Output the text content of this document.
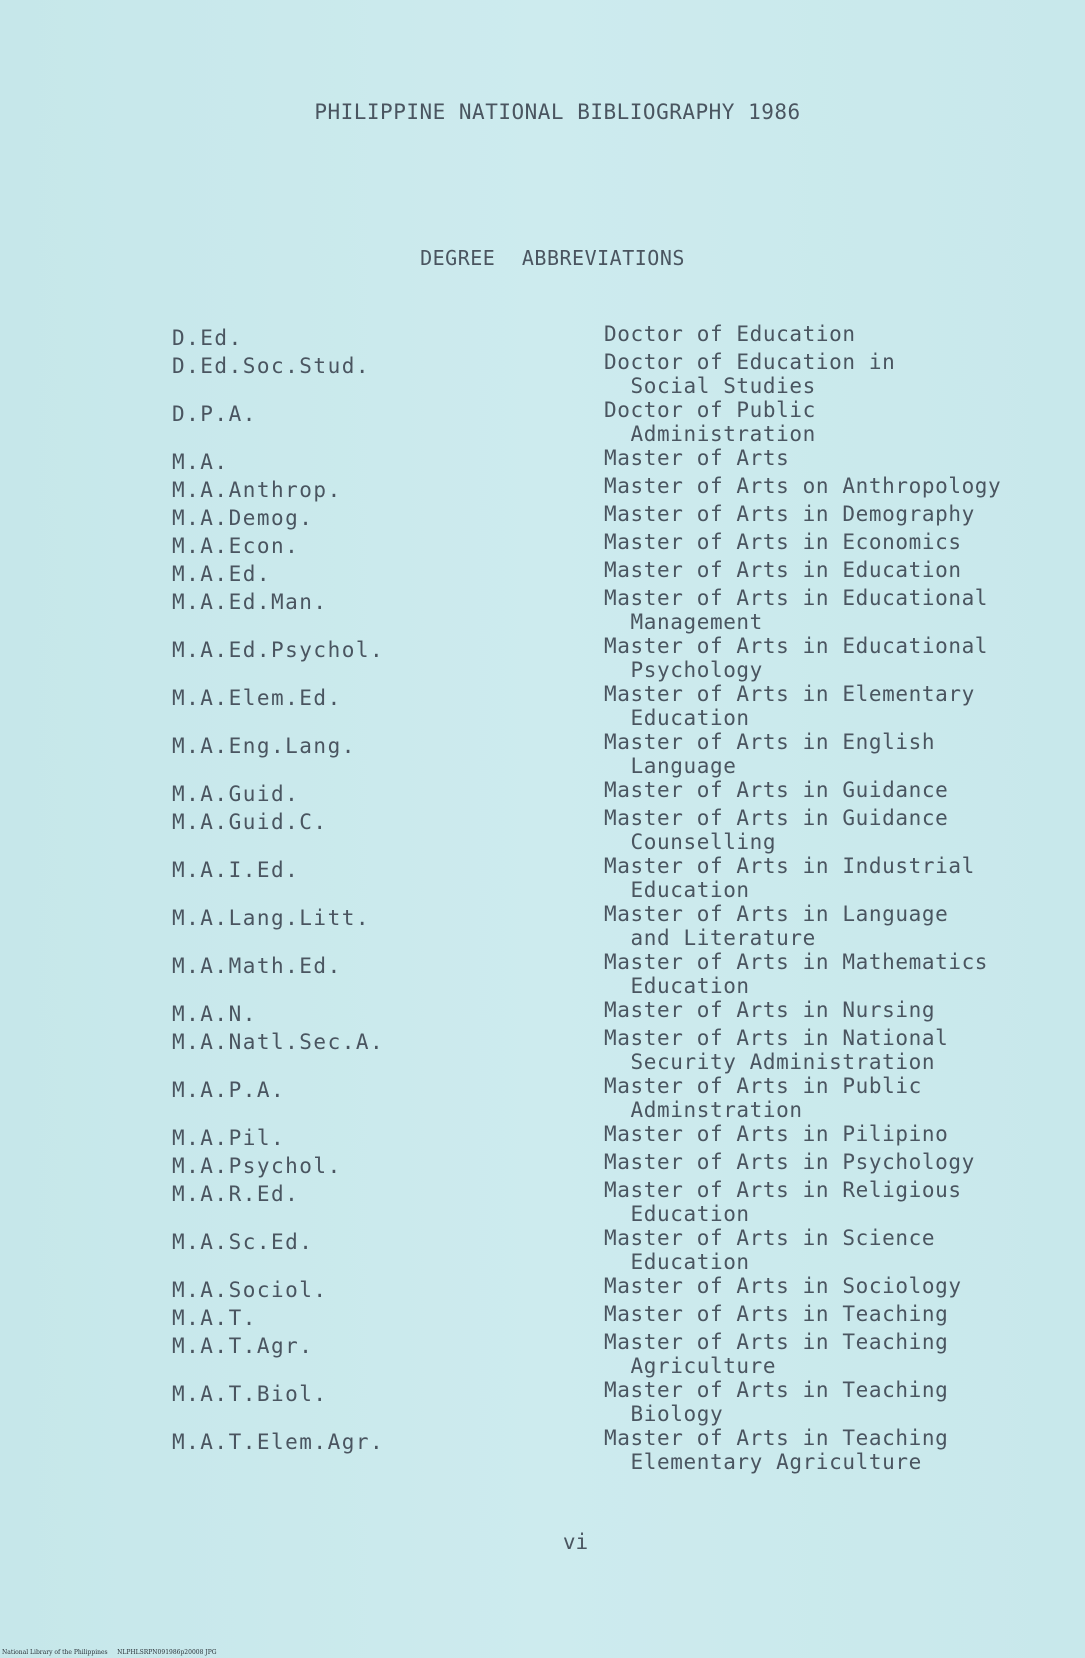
PHILIPPINE NATIONAL BIBLIOGRAPHY 1986
DEGREE ABBREVIATIONS
D.Ed.	Doctor of Education
D.Ed.Soc.Stud.	Doctor of Education in
Social Studies
D.P.A.	Doctor of Public
Administration
M.A.	Master of Arts
M.A.Anthrop.	Master of Arts on Anthropology
M.A.Demog.	Master of Arts in Demography
M.A.Econ.	Master of Arts in Economics
M.A.Ed.	Master of Arts in Education
M.A.Ed.Man.	Master of Arts in Educational
Management
M.A.Ed.Psychol.	Master of Arts in Educational
Psychology
M.A.Elem.Ed.	Master of Arts in Elementary
Education
M.A.Eng.Lang.	Master of Arts in English
Language
M.A.Guid.	Master of Arts in Guidance
M.A.Guid.C.	Master of Arts in Guidance
Counselling
M.A.I.Ed.	Master of Arts in Industrial
Education
M.A.Lang.Litt.	Master of Arts in Language
and Literature
M.A.Math.Ed.	Master of Arts in Mathematics
Education
M.A.N.	Master of Arts in Nursing
M.A.Natl.Sec.A.	Master of Arts in National
Security Administration
M.A.P.A.	Master of Arts in Public
Adminstration
M.A.Pil.	Master of Arts in Pilipino
M.A.Psychol.	Master of Arts in Psychology
M.A.R.Ed.	Master of Arts in Religious
Education
M.A.Sc.Ed.	Master of Arts in Science
Education
M.A.Sociol.	Master of Arts in Sociology
M.A.T.	Master of Arts in Teaching
M.A.T.Agr.	Master of Arts in Teaching
Agriculture
M.A.T.Biol.	Master of Arts in Teaching
Biology
M.A.T.Elem.Agr.	Master of Arts in Teaching
Elementary Agriculture
vi
National Library of the Philippines     NLPHLSRPN091986p20008 JPG
